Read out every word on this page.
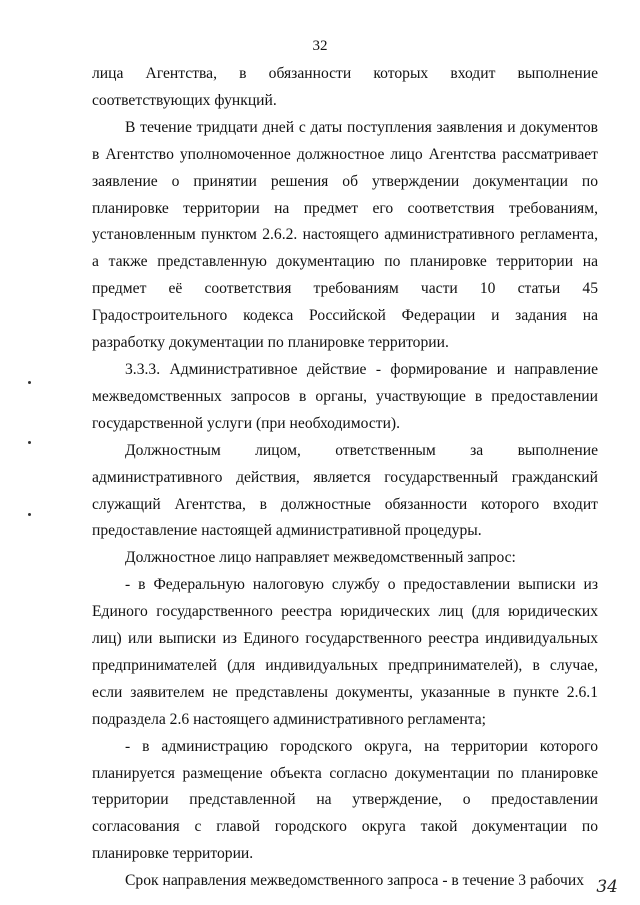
32

лица Агентства, в обязанности которых входит выполнение соответствующих функций.

В течение тридцати дней с даты поступления заявления и документов в Агентство уполномоченное должностное лицо Агентства рассматривает заявление о принятии решения об утверждении документации по планировке территории на предмет его соответствия требованиям, установленным пунктом 2.6.2. настоящего административного регламента, а также представленную документацию по планировке территории на предмет её соответствия требованиям части 10 статьи 45 Градостроительного кодекса Российской Федерации и задания на разработку документации по планировке территории.

3.3.3. Административное действие - формирование и направление межведомственных запросов в органы, участвующие в предоставлении государственной услуги (при необходимости).

Должностным лицом, ответственным за выполнение административного действия, является государственный гражданский служащий Агентства, в должностные обязанности которого входит предоставление настоящей административной процедуры.

Должностное лицо направляет межведомственный запрос:

- в Федеральную налоговую службу о предоставлении выписки из Единого государственного реестра юридических лиц (для юридических лиц) или выписки из Единого государственного реестра индивидуальных предпринимателей (для индивидуальных предпринимателей), в случае, если заявителем не представлены документы, указанные в пункте 2.6.1 подраздела 2.6 настоящего административного регламента;

- в администрацию городского округа, на территории которого планируется размещение объекта согласно документации по планировке территории представленной на утверждение, о предоставлении согласования с главой городского округа такой документации по планировке территории.

Срок направления межведомственного запроса - в течение 3 рабочих 34
